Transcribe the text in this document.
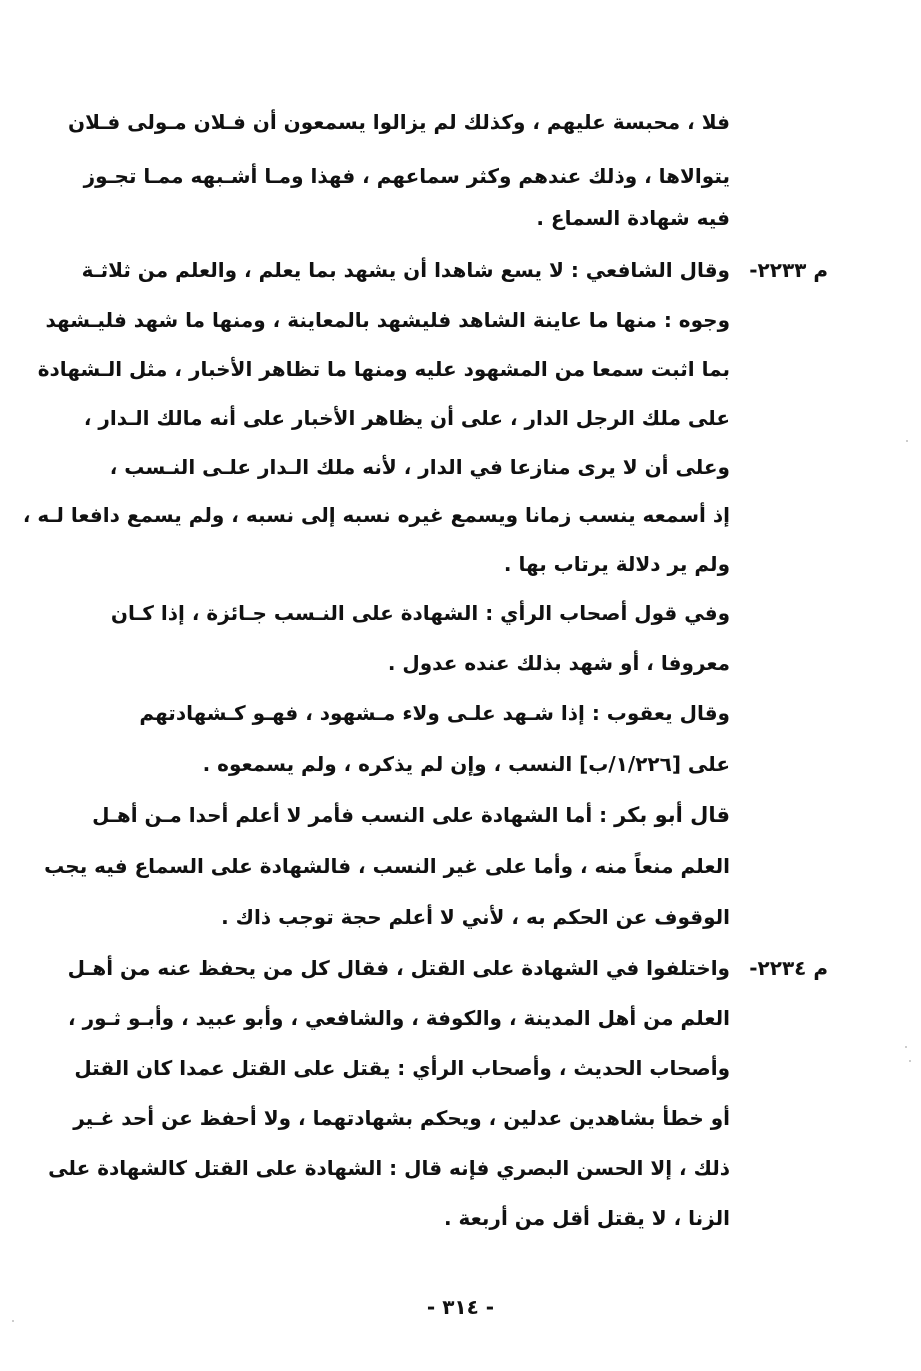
فلا ، محبسة عليهم ، وكذلك لم يزالوا يسمعون أن فـلان مـولى فـلان
يتوالاها ، وذلك عندهم وكثر سماعهم ، فهذا ومـا أشـبهه ممـا تجـوز
فيه شهادة السماع .
م ٢٢٣٣-
وقال الشافعي : لا يسع شاهدا أن يشهد بما يعلم ، والعلم من ثلاثـة
وجوه : منها ما عاينة الشاهد فليشهد بالمعاينة ، ومنها ما شهد فليـشهد
بما اثبت سمعا من المشهود عليه ومنها ما تظاهر الأخبار ، مثل الـشهادة
على ملك الرجل الدار ، على أن يظاهر الأخبار على أنه مالك الـدار ،
وعلى أن لا يرى منازعا في الدار ، لأنه ملك الـدار علـى النـسب ،
إذ أسمعه ينسب زمانا ويسمع غيره نسبه إلى نسبه ، ولم يسمع دافعا لـه ،
ولم ير دلالة يرتاب بها .
وفي قول أصحاب الرأي : الشهادة على النـسب جـائزة ، إذا كـان
معروفا ، أو شهد بذلك عنده عدول .
وقال يعقوب : إذا شـهد علـى ولاء مـشهود ، فهـو كـشهادتهم
على [١/٢٢٦/ب] النسب ، وإن لم يذكره ، ولم يسمعوه .
قال أبو بكر : أما الشهادة على النسب فأمر لا أعلم أحدا مـن أهـل
العلم منعاً منه ، وأما على غير النسب ، فالشهادة على السماع فيه يجب
الوقوف عن الحكم به ، لأني لا أعلم حجة توجب ذاك .
م ٢٢٣٤-
واختلفوا في الشهادة على القتل ، فقال كل من يحفظ عنه من أهـل
العلم من أهل المدينة ، والكوفة ، والشافعي ، وأبو عبيد ، وأبـو ثـور ،
وأصحاب الحديث ، وأصحاب الرأي : يقتل على القتل عمدا كان القتل
أو خطأ بشاهدين عدلين ، ويحكم بشهادتهما ، ولا أحفظ عن أحد غـير
ذلك ، إلا الحسن البصري فإنه قال : الشهادة على القتل كالشهادة على
الزنا ، لا يقتل أقل من أربعة .
- ٣١٤ -
